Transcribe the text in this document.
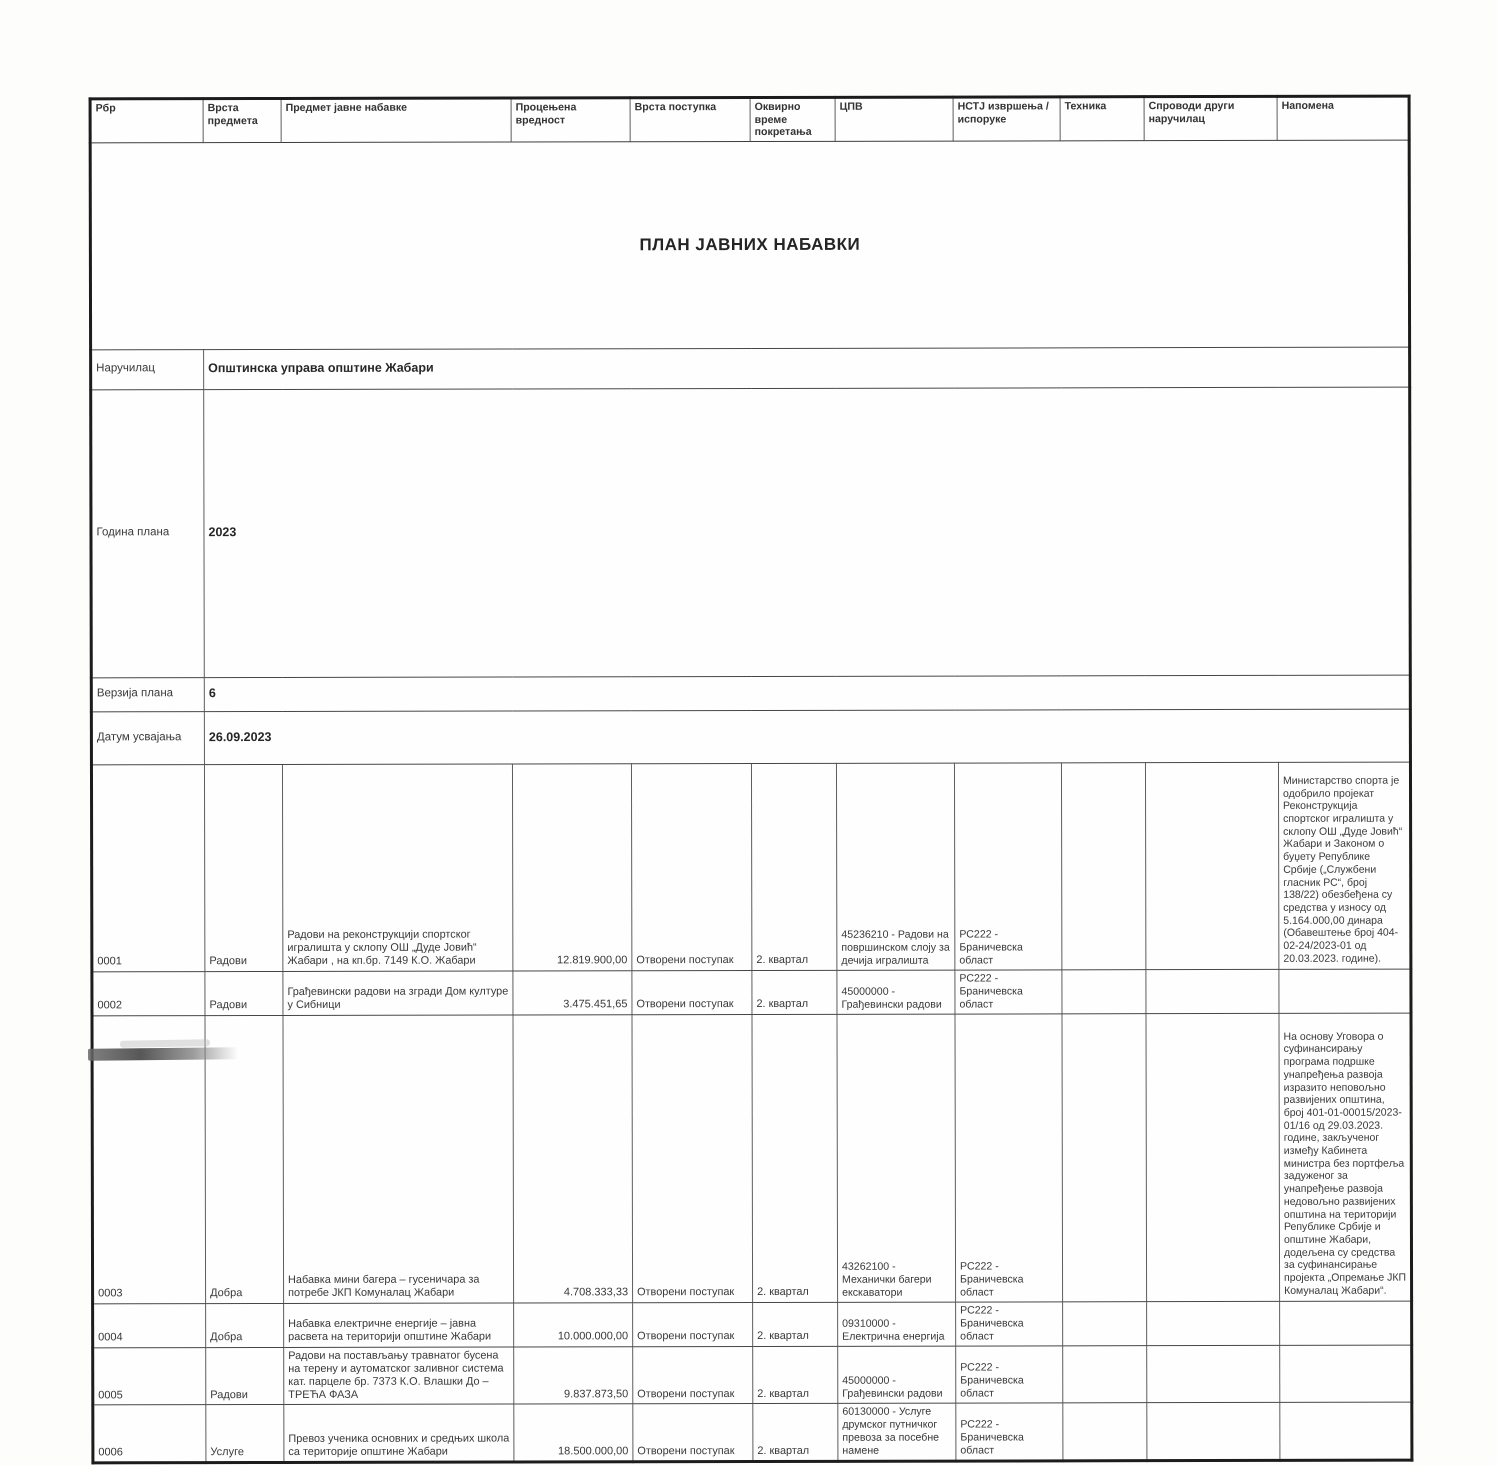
ПЛАН ЈАВНИХ НАБАВКИ										
Наручилац	Општинска управа општине Жабари									
Година плана	2023									
Верзија плана	6									
Датум усвајања	26.09.2023									
Рбр	Врста предмета	Предмет јавне набавке	Процењена вредност	Врста поступка	Оквирно време покретања	ЦПВ	НСТЈ извршења / испоруке	Техника	Спроводи други наручилац	Напомена
0001	Радови	Радови на реконструкцији спортског игралишта у склопу ОШ „Дуде Јовић“ Жабари , на кп.бр. 7149 К.О. Жабари	12.819.900,00	Отворени поступак	2. квартал	45236210 - Радови на површинском слоју за дечија игралишта	РС222 - Браничевска област			Министарство спорта је одобрило пројекат Реконструкција спортског игралишта у склопу ОШ „Дуде Јовић“ Жабари и Законом о буџету Републике Србије („Службени гласник РС“, број 138/22) обезбеђена су средства у износу од 5.164.000,00 динара (Обавештење број 404-02-24/2023-01 од 20.03.2023. године).
0002	Радови	Грађевински радови на згради Дом културе у Сибници	3.475.451,65	Отворени поступак	2. квартал	45000000 - Грађевински радови	РС222 - Браничевска област			
0003	Добра	Набавка мини багера – гусеничара за потребе ЈКП Комуналац Жабари	4.708.333,33	Отворени поступак	2. квартал	43262100 - Механички багери екскаватори	РС222 - Браничевска област			На основу Уговора о суфинансирању програма подршке унапређења развоја изразито неповољно развијених општина, број 401-01-00015/2023-01/16 од 29.03.2023. године, закљученог између Кабинета министра без портфеља задуженог за унапређење развоја недовољно развијених општина на територији Републике Србије и општине Жабари, додељена су средства за суфинансирање пројекта „Опремање ЈКП Комуналац Жабари“.
0004	Добра	Набавка електричне енергије – јавна расвета на територији општине Жабари	10.000.000,00	Отворени поступак	2. квартал	09310000 - Електрична енергија	РС222 - Браничевска област			
0005	Радови	Радови на постављању травнатог бусена на терену и аутоматског заливног система кат. парцеле бр. 7373 К.О. Влашки До – ТРЕЋА ФАЗА	9.837.873,50	Отворени поступак	2. квартал	45000000 - Грађевински радови	РС222 - Браничевска област			
0006	Услуге	Превоз ученика основних и средњих школа са територије општине Жабари	18.500.000,00	Отворени поступак	2. квартал	60130000 - Услуге друмског путничког превоза за посебне намене	РС222 - Браничевска област			
